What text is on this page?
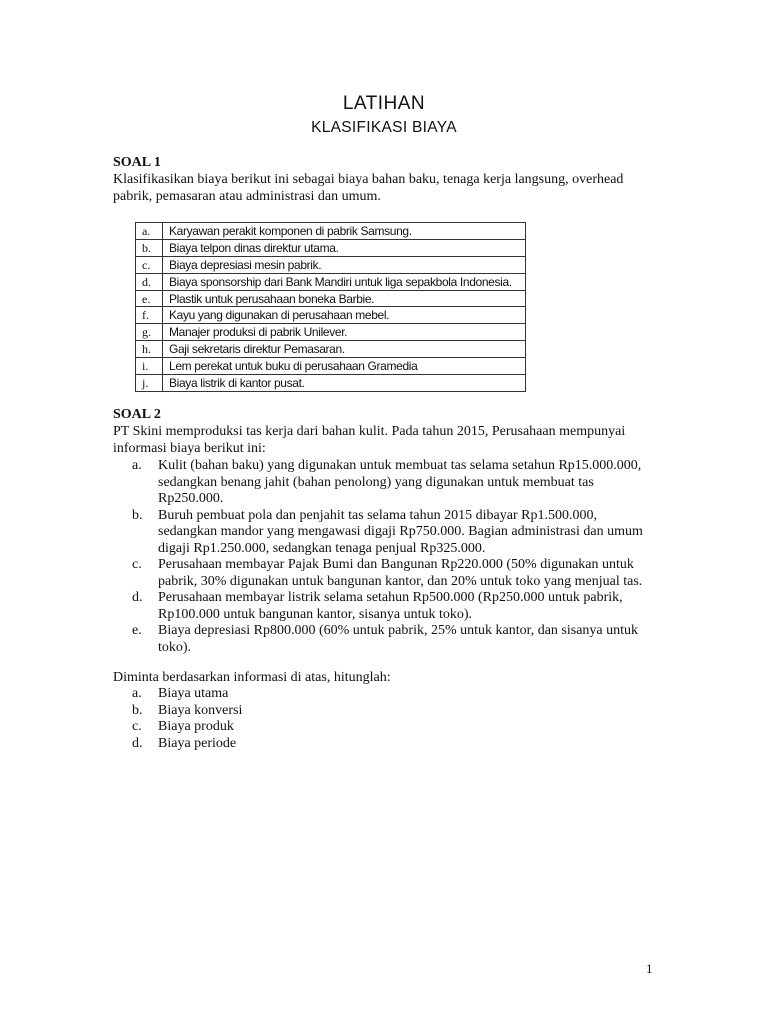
LATIHAN
KLASIFIKASI BIAYA
SOAL 1
Klasifikasikan biaya berikut ini sebagai biaya bahan baku, tenaga kerja langsung, overhead pabrik, pemasaran atau administrasi dan umum.
a.	Karyawan perakit komponen di pabrik Samsung.
b.	Biaya telpon dinas direktur utama.
c.	Biaya depresiasi mesin pabrik.
d.	Biaya sponsorship dari Bank Mandiri untuk liga sepakbola Indonesia.
e.	Plastik untuk perusahaan boneka Barbie.
f.	Kayu yang digunakan di perusahaan mebel.
g.	Manajer produksi di pabrik Unilever.
h.	Gaji sekretaris direktur Pemasaran.
i.	Lem perekat untuk buku di perusahaan Gramedia
j.	Biaya listrik di kantor pusat.
SOAL 2
PT Skini memproduksi tas kerja dari bahan kulit. Pada tahun 2015, Perusahaan mempunyai informasi biaya berikut ini:
a. Kulit (bahan baku) yang digunakan untuk membuat tas selama setahun Rp15.000.000, sedangkan benang jahit (bahan penolong) yang digunakan untuk membuat tas Rp250.000.
b. Buruh pembuat pola dan penjahit tas selama tahun 2015 dibayar Rp1.500.000, sedangkan mandor yang mengawasi digaji Rp750.000. Bagian administrasi dan umum digaji Rp1.250.000, sedangkan tenaga penjual Rp325.000.
c. Perusahaan membayar Pajak Bumi dan Bangunan Rp220.000 (50% digunakan untuk pabrik, 30% digunakan untuk bangunan kantor, dan 20% untuk toko yang menjual tas.
d. Perusahaan membayar listrik selama setahun Rp500.000 (Rp250.000 untuk pabrik, Rp100.000 untuk bangunan kantor, sisanya untuk toko).
e. Biaya depresiasi Rp800.000 (60% untuk pabrik, 25% untuk kantor, dan sisanya untuk toko).
Diminta berdasarkan informasi di atas, hitunglah:
a. Biaya utama
b. Biaya konversi
c. Biaya produk
d. Biaya periode
1
